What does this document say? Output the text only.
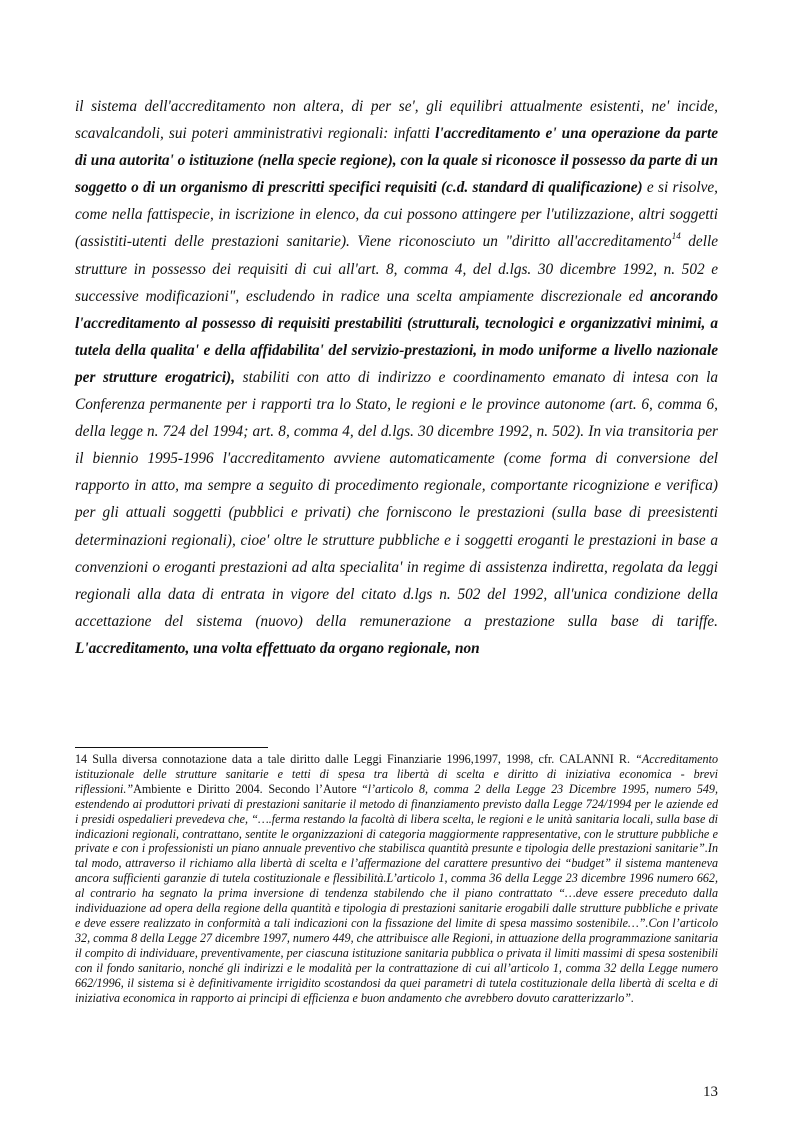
il sistema dell'accreditamento non altera, di per se', gli equilibri attualmente esistenti, ne' incide, scavalcandoli, sui poteri amministrativi regionali: infatti l'accreditamento e' una operazione da parte di una autorita' o istituzione (nella specie regione), con la quale si riconosce il possesso da parte di un soggetto o di un organismo di prescritti specifici requisiti (c.d. standard di qualificazione) e si risolve, come nella fattispecie, in iscrizione in elenco, da cui possono attingere per l'utilizzazione, altri soggetti (assistiti-utenti delle prestazioni sanitarie). Viene riconosciuto un "diritto all'accreditamento$^{14}$ delle strutture in possesso dei requisiti di cui all'art. 8, comma 4, del d.lgs. 30 dicembre 1992, n. 502 e successive modificazioni", escludendo in radice una scelta ampiamente discrezionale ed ancorando l'accreditamento al possesso di requisiti prestabiliti (strutturali, tecnologici e organizzativi minimi, a tutela della qualita' e della affidabilita' del servizio-prestazioni, in modo uniforme a livello nazionale per strutture erogatrici), stabiliti con atto di indirizzo e coordinamento emanato di intesa con la Conferenza permanente per i rapporti tra lo Stato, le regioni e le province autonome (art. 6, comma 6, della legge n. 724 del 1994; art. 8, comma 4, del d.lgs. 30 dicembre 1992, n. 502). In via transitoria per il biennio 1995-1996 l'accreditamento avviene automaticamente (come forma di conversione del rapporto in atto, ma sempre a seguito di procedimento regionale, comportante ricognizione e verifica) per gli attuali soggetti (pubblici e privati) che forniscono le prestazioni (sulla base di preesistenti determinazioni regionali), cioe' oltre le strutture pubbliche e i soggetti eroganti le prestazioni in base a convenzioni o eroganti prestazioni ad alta specialita' in regime di assistenza indiretta, regolata da leggi regionali alla data di entrata in vigore del citato d.lgs n. 502 del 1992, all'unica condizione della accettazione del sistema (nuovo) della remunerazione a prestazione sulla base di tariffe. L'accreditamento, una volta effettuato da organo regionale, non
14 Sulla diversa connotazione data a tale diritto dalle Leggi Finanziarie 1996,1997, 1998, cfr. CALANNI R. “Accreditamento istituzionale delle strutture sanitarie e tetti di spesa tra libertà di scelta e diritto di iniziativa economica - brevi riflessioni.”Ambiente e Diritto 2004. Secondo l’Autore “l’articolo 8, comma 2 della Legge 23 Dicembre 1995, numero 549, estendendo ai produttori privati di prestazioni sanitarie il metodo di finanziamento previsto dalla Legge 724/1994 per le aziende ed i presidi ospedalieri prevedeva che, “….ferma restando la facoltà di libera scelta, le regioni e le unità sanitaria locali, sulla base di indicazioni regionali, contrattano, sentite le organizzazioni di categoria maggiormente rappresentative, con le strutture pubbliche e private e con i professionisti un piano annuale preventivo che stabilisca quantità presunte e tipologia delle prestazioni sanitarie”.In tal modo, attraverso il richiamo alla libertà di scelta e l’affermazione del carattere presuntivo dei “budget” il sistema manteneva ancora sufficienti garanzie di tutela costituzionale e flessibilità.L’articolo 1, comma 36 della Legge 23 dicembre 1996 numero 662, al contrario ha segnato la prima inversione di tendenza stabilendo che il piano contrattato “…deve essere preceduto dalla individuazione ad opera della regione della quantità e tipologia di prestazioni sanitarie erogabili dalle strutture pubbliche e private e deve essere realizzato in conformità a tali indicazioni con la fissazione del limite di spesa massimo sostenibile…”.Con l’articolo 32, comma 8 della Legge 27 dicembre 1997, numero 449, che attribuisce alle Regioni, in attuazione della programmazione sanitaria il compito di individuare, preventivamente, per ciascuna istituzione sanitaria pubblica o privata il limiti massimi di spesa sostenibili con il fondo sanitario, nonché gli indirizzi e le modalità per la contrattazione di cui all’articolo 1, comma 32 della Legge numero 662/1996, il sistema si è definitivamente irrigidito scostandosi da quei parametri di tutela costituzionale della libertà di scelta e di iniziativa economica in rapporto ai principi di efficienza e buon andamento che avrebbero dovuto caratterizzarlo”.
13
